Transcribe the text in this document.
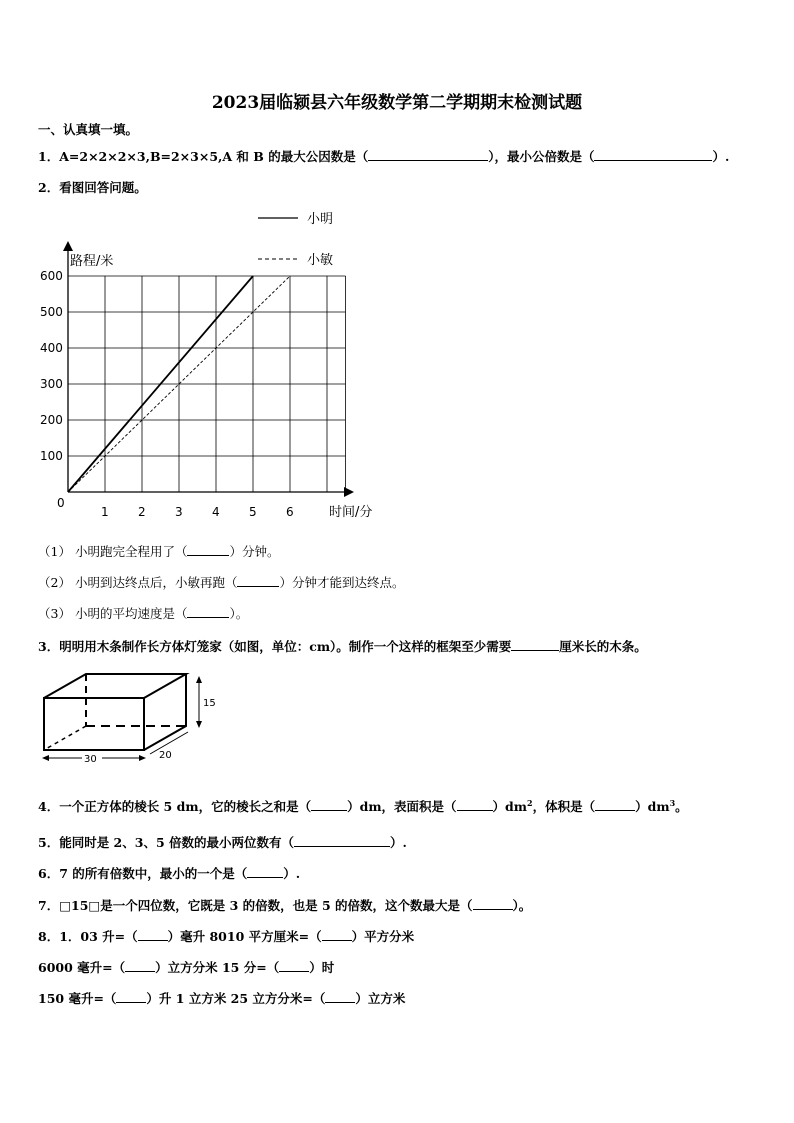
2023届临颍县六年级数学第二学期期末检测试题
一、认真填一填。
1．A=2×2×2×3,B=2×3×5,A 和 B 的最大公因数是（	），最小公倍数是（	）.
2．看图回答问题。
小明
小敏
路程/米
时间/分
0
100
200
300
400
500
600
1 2 3 4 5 6
（1） 小明跑完全程用了（	）分钟。
（2） 小明到达终点后，小敏再跑（	）分钟才能到达终点。
（3） 小明的平均速度是（	）。
3．明明用木条制作长方体灯笼家（如图，单位：cm）。制作一个这样的框架至少需要	厘米长的木条。
15
30	20
4．一个正方体的棱长 5 dm，它的棱长之和是（	）dm，表面积是（	）$dm^2$，体积是（	）$dm^3$。
5．能同时是 2、3、5 倍数的最小两位数有（	）.
6．7 的所有倍数中，最小的一个是（	）.
7．□15□是一个四位数，它既是 3 的倍数，也是 5 的倍数，这个数最大是（	）。
8．1．03 升=（ ）毫升 8010 平方厘米=（ ）平方分米
6000 毫升=（ ）立方分米 15 分=（ ）时
150 毫升=（ ）升 1 立方米 25 立方分米=（ ）立方米
